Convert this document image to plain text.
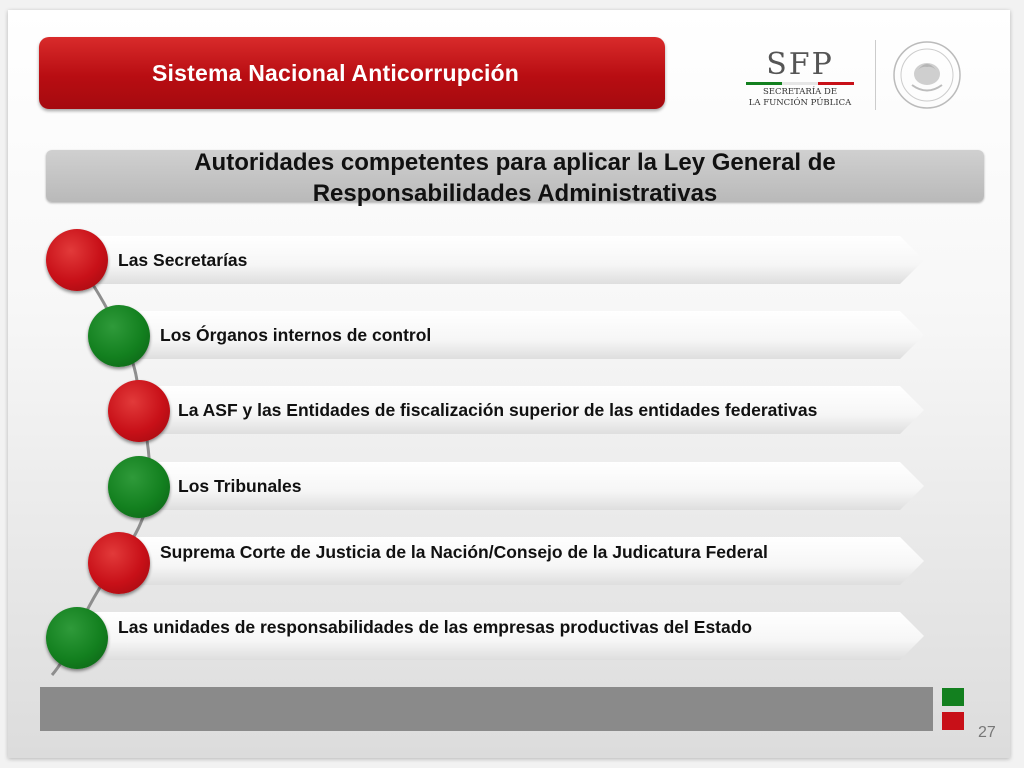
Sistema Nacional Anticorrupción	SFP
SECRETARÍA DE
LA FUNCIÓN PÚBLICA
Autoridades competentes para aplicar la Ley General de
Responsabilidades Administrativas
Las Secretarías
Los Órganos internos de control
La ASF y las Entidades de fiscalización superior de las entidades federativas
Los Tribunales
Suprema Corte de Justicia de la Nación/Consejo de la Judicatura Federal
Las unidades de responsabilidades de las empresas productivas del Estado
27
